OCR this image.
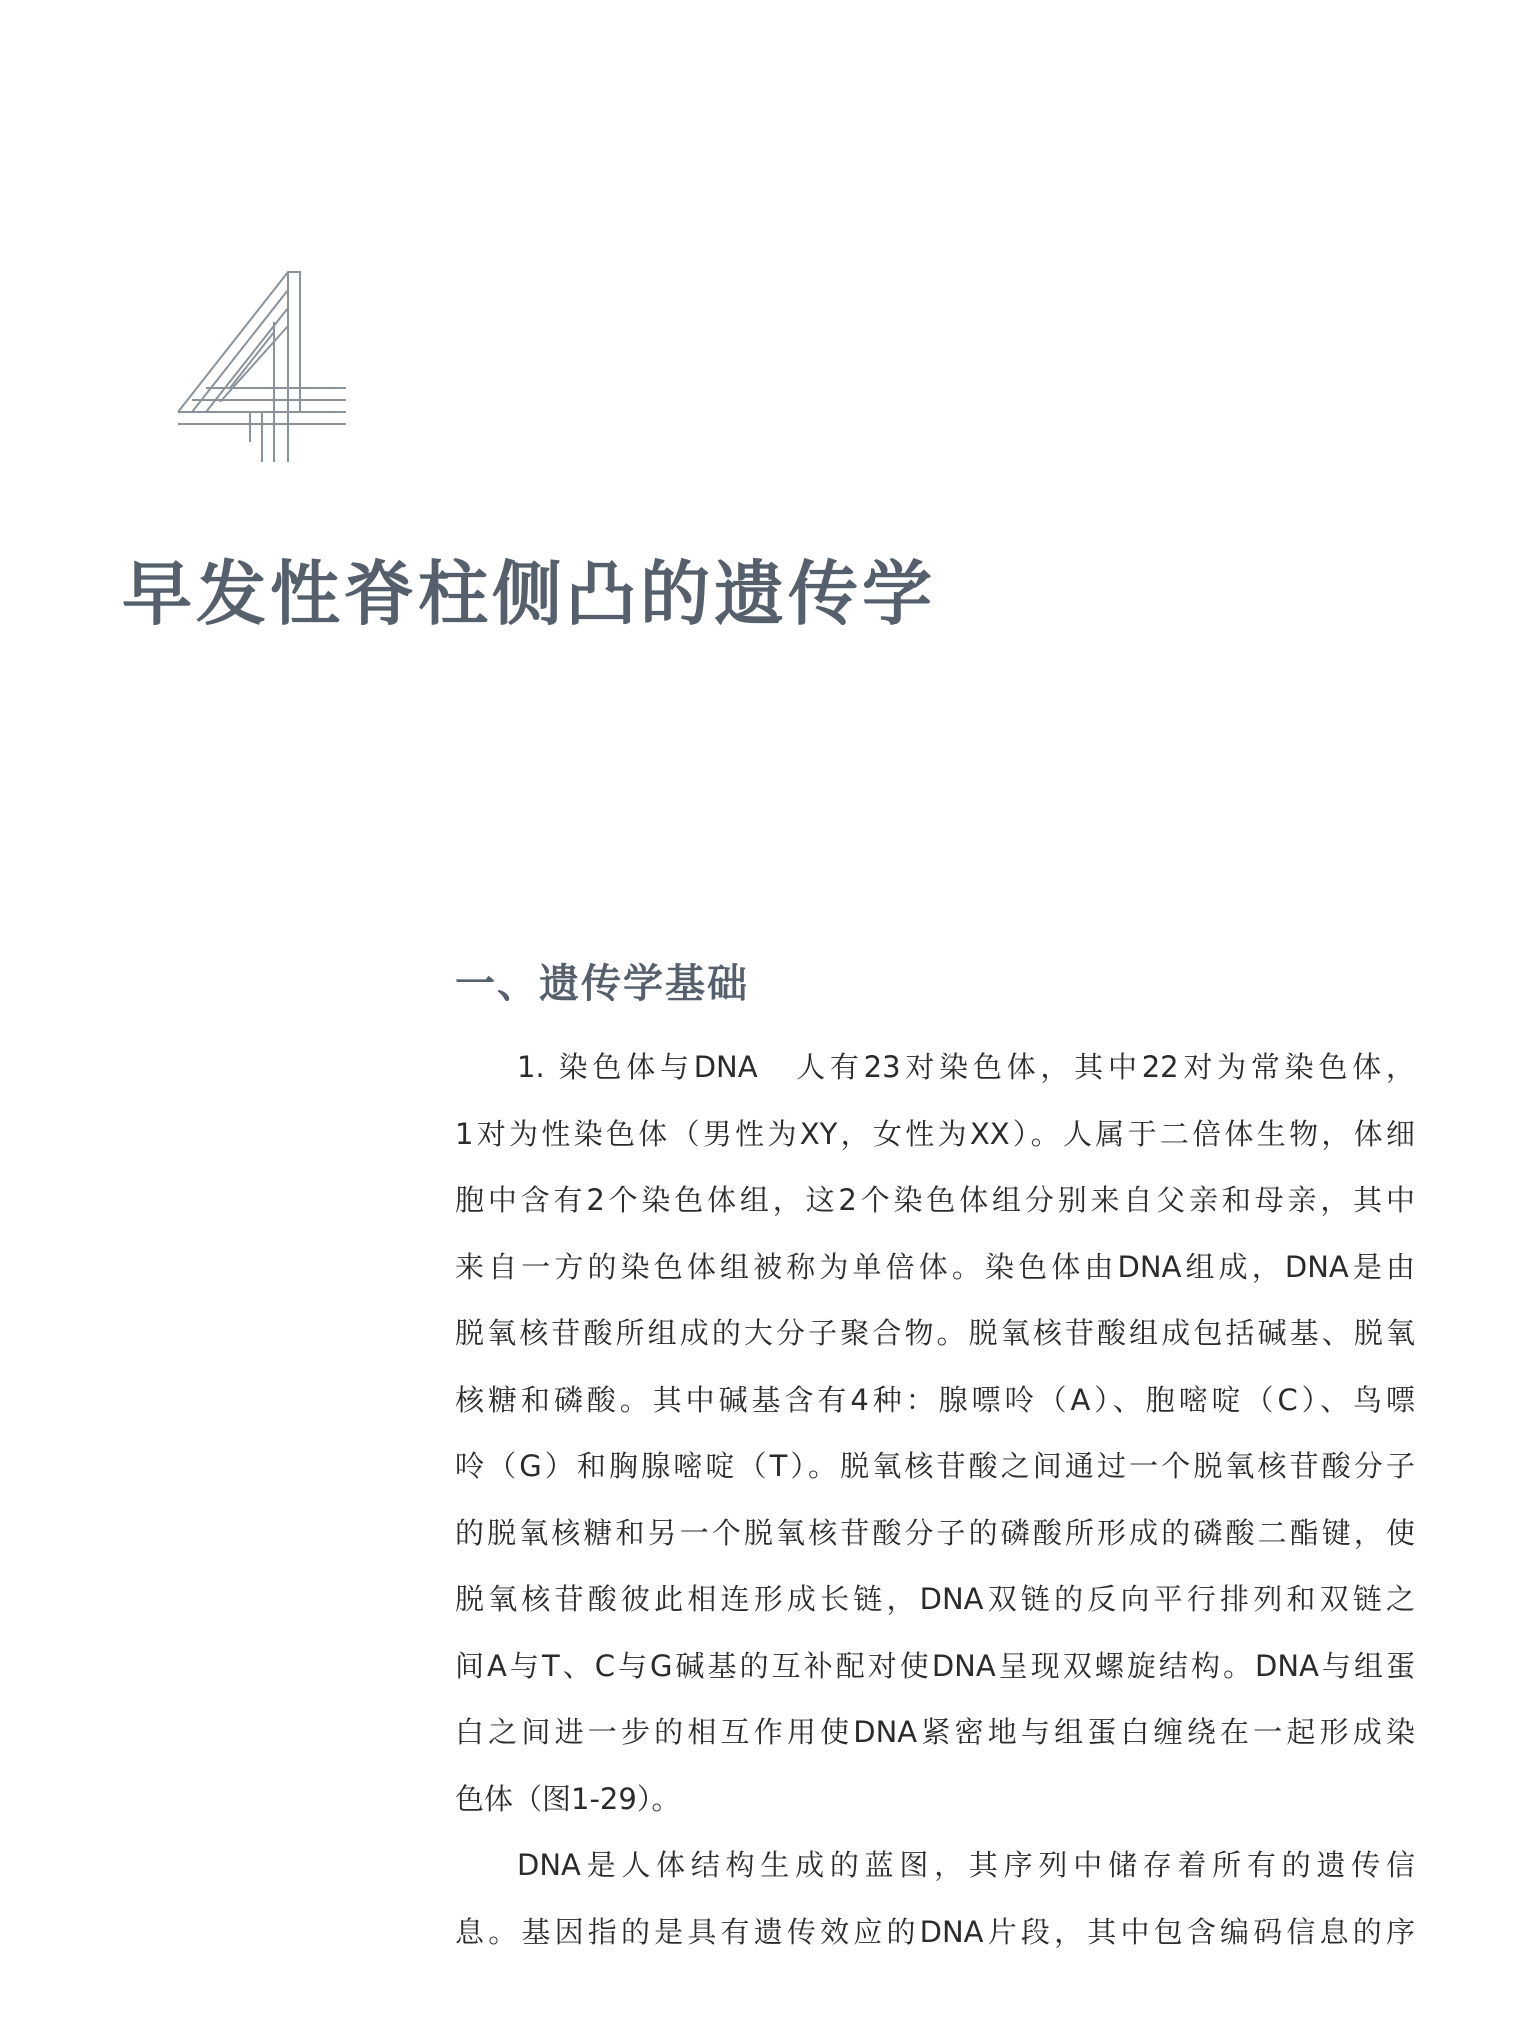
早发性脊柱侧凸的遗传学
一、遗传学基础
1. 染色体与DNA　人有23对染色体，其中22对为常染色体，
1对为性染色体（男性为XY，女性为XX）。人属于二倍体生物，体细
胞中含有2个染色体组，这2个染色体组分别来自父亲和母亲，其中
来自一方的染色体组被称为单倍体。染色体由DNA组成，DNA是由
脱氧核苷酸所组成的大分子聚合物。脱氧核苷酸组成包括碱基、脱氧
核糖和磷酸。其中碱基含有4种：腺嘌呤（A）、胞嘧啶（C）、鸟嘌
呤（G）和胸腺嘧啶（T）。脱氧核苷酸之间通过一个脱氧核苷酸分子
的脱氧核糖和另一个脱氧核苷酸分子的磷酸所形成的磷酸二酯键，使
脱氧核苷酸彼此相连形成长链，DNA双链的反向平行排列和双链之
间A与T、C与G碱基的互补配对使DNA呈现双螺旋结构。DNA与组蛋
白之间进一步的相互作用使DNA紧密地与组蛋白缠绕在一起形成染
色体（图1-29）。
DNA是人体结构生成的蓝图，其序列中储存着所有的遗传信
息。基因指的是具有遗传效应的DNA片段，其中包含编码信息的序
